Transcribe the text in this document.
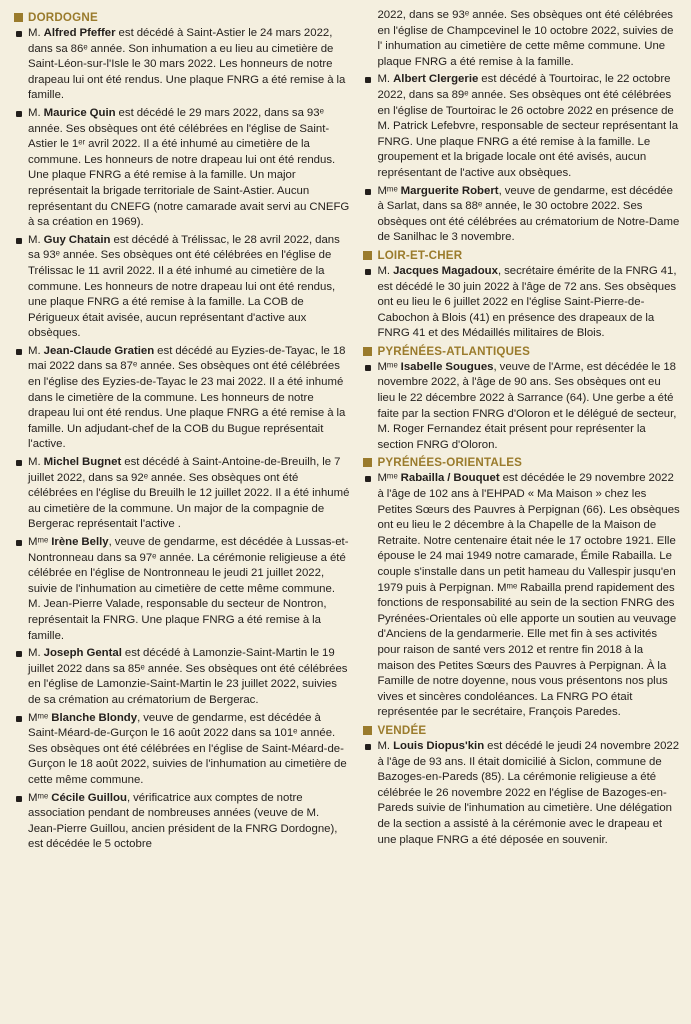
DORDOGNE

M. Alfred Pfeffer est décédé à Saint-Astier le 24 mars 2022, dans sa 86ᵉ année. Son inhumation a eu lieu au cimetière de Saint-Léon-sur-l'Isle le 30 mars 2022. Les honneurs de notre drapeau lui ont été rendus. Une plaque FNRG a été remise à la famille.

M. Maurice Quin est décédé le 29 mars 2022, dans sa 93ᵉ année. Ses obsèques ont été célébrées en l'église de Saint-Astier le 1ᵉʳ avril 2022. Il a été inhumé au cimetière de la commune. Les honneurs de notre drapeau lui ont été rendus. Une plaque FNRG a été remise à la famille. Un major représentait la brigade territoriale de Saint-Astier. Aucun représentant du CNEFG (notre camarade avait servi au CNEFG à sa création en 1969).

M. Guy Chatain est décédé à Trélissac, le 28 avril 2022, dans sa 93ᵉ année. Ses obsèques ont été célébrées en l'église de Trélissac le 11 avril 2022. Il a été inhumé au cimetière de la commune. Les honneurs de notre drapeau lui ont été rendus, une plaque FNRG a été remise à la famille. La COB de Périgueux était avisée, aucun représentant d'active aux obsèques.

M. Jean-Claude Gratien est décédé au Eyzies-de-Tayac, le 18 mai 2022 dans sa 87ᵉ année. Ses obsèques ont été célébrées en l'église des Eyzies-de-Tayac le 23 mai 2022. Il a été inhumé dans le cimetière de la commune. Les honneurs de notre drapeau lui ont été rendus. Une plaque FNRG a été remise à la famille. Un adjudant-chef de la COB du Bugue représentait l'active.

M. Michel Bugnet est décédé à Saint-Antoine-de-Breuilh, le 7 juillet 2022, dans sa 92ᵉ année. Ses obsèques ont été célébrées en l'église du Breuilh le 12 juillet 2022. Il a été inhumé au cimetière de la commune. Un major de la compagnie de Bergerac représentait l'active .

Mᵐᵉ Irène Belly, veuve de gendarme, est décédée à Lussas-et-Nontronneau dans sa 97ᵉ année. La cérémonie religieuse a été célébrée en l'église de Nontronneau le jeudi 21 juillet 2022, suivie de l'inhumation au cimetière de cette même commune. M. Jean-Pierre Valade, responsable du secteur de Nontron, représentait la FNRG. Une plaque FNRG a été remise à la famille.

M. Joseph Gental est décédé à Lamonzie-Saint-Martin le 19 juillet 2022 dans sa 85ᵉ année. Ses obsèques ont été célébrées en l'église de Lamonzie-Saint-Martin le 23 juillet 2022, suivies de sa crémation au crématorium de Bergerac.

Mᵐᵉ Blanche Blondy, veuve de gendarme, est décédée à Saint-Méard-de-Gurçon le 16 août 2022 dans sa 101ᵉ année. Ses obsèques ont été célébrées en l'église de Saint-Méard-de-Gurçon le 18 août 2022, suivies de l'inhumation au cimetière de cette même commune.

Mᵐᵉ Cécile Guillou, vérificatrice aux comptes de notre association pendant de nombreuses années (veuve de M. Jean-Pierre Guillou, ancien président de la FNRG Dordogne), est décédée le 5 octobre

2022, dans se 93ᵉ année. Ses obsèques ont été célébrées en l'église de Champcevinel le 10 octobre 2022, suivies de l' inhumation au cimetière de cette même commune. Une plaque FNRG a été remise à la famille.

M. Albert Clergerie est décédé à Tourtoirac, le 22 octobre 2022, dans sa 89ᵉ année. Ses obsèques ont été célébrées en l'église de Tourtoirac le 26 octobre 2022 en présence de M. Patrick Lefebvre, responsable de secteur représentant la FNRG. Une plaque FNRG a été remise à la famille. Le groupement et la brigade locale ont été avisés, aucun représentant de l'active aux obsèques.

Mᵐᵉ Marguerite Robert, veuve de gendarme, est décédée à Sarlat, dans sa 88ᵉ année, le 30 octobre 2022. Ses obsèques ont été célébrées au crématorium de Notre-Dame de Sanilhac le 3 novembre.

LOIR-ET-CHER

M. Jacques Magadoux, secrétaire émérite de la FNRG 41, est décédé le 30 juin 2022 à l'âge de 72 ans. Ses obsèques ont eu lieu le 6 juillet 2022 en l'église Saint-Pierre-de-Cabochon à Blois (41) en présence des drapeaux de la FNRG 41 et des Médaillés militaires de Blois.

PYRÉNÉES-ATLANTIQUES

Mᵐᵉ Isabelle Sougues, veuve de l'Arme, est décédée le 18 novembre 2022, à l'âge de 90 ans. Ses obsèques ont eu lieu le 22 décembre 2022 à Sarrance (64). Une gerbe a été faite par la section FNRG d'Oloron et le délégué de secteur, M. Roger Fernandez était présent pour représenter la section FNRG d'Oloron.

PYRÉNÉES-ORIENTALES

Mᵐᵉ Rabailla / Bouquet est décédée le 29 novembre 2022 à l'âge de 102 ans à l'EHPAD « Ma Maison » chez les Petites Sœurs des Pauvres à Perpignan (66). Les obsèques ont eu lieu le 2 décembre à la Chapelle de la Maison de Retraite. Notre centenaire était née le 17 octobre 1921. Elle épouse le 24 mai 1949 notre camarade, Émile Rabailla. Le couple s'installe dans un petit hameau du Vallespir jusqu'en 1979 puis à Perpignan. Mᵐᵉ Rabailla prend rapidement des fonctions de responsabilité au sein de la section FNRG des Pyrénées-Orientales où elle apporte un soutien au veuvage d'Anciens de la gendarmerie. Elle met fin à ses activités pour raison de santé vers 2012 et rentre fin 2018 à la maison des Petites Sœurs des Pauvres à Perpignan. À la Famille de notre doyenne, nous vous présentons nos plus vives et sincères condoléances. La FNRG PO était représentée par le secrétaire, François Paredes.

VENDÉE

M. Louis Diopus'kin est décédé le jeudi 24 novembre 2022 à l'âge de 93 ans. Il était domicilié à Siclon, commune de Bazoges-en-Pareds (85). La cérémonie religieuse a été célébrée le 26 novembre 2022 en l'église de Bazoges-en-Pareds suivie de l'inhumation au cimetière. Une délégation de la section a assisté à la cérémonie avec le drapeau et une plaque FNRG a été déposée en souvenir.
